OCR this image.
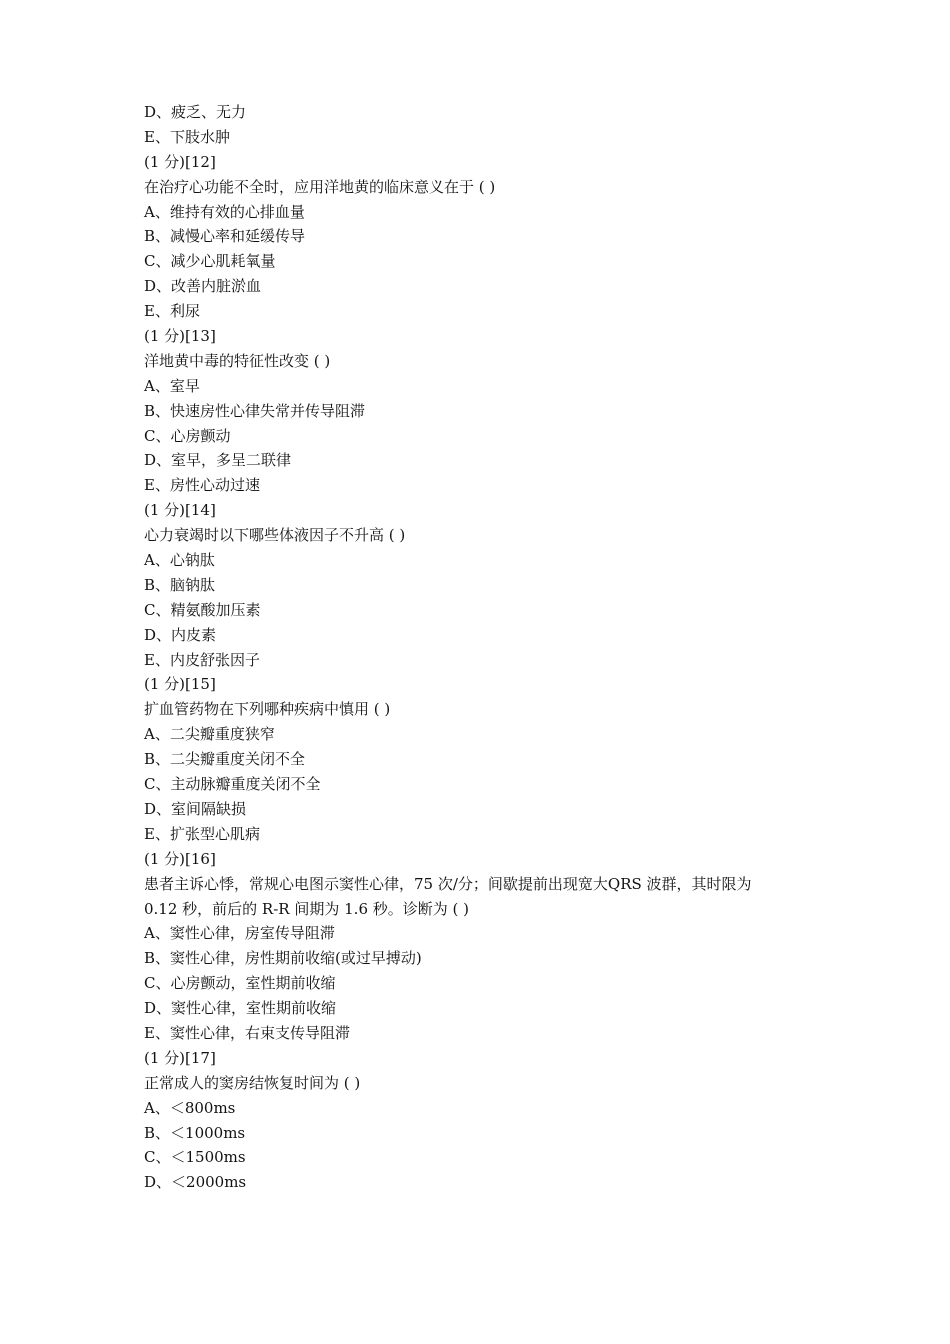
D、疲乏、无力
E、下肢水肿
(1 分)[12]
在治疗心功能不全时，应用洋地黄的临床意义在于 ( )
A、维持有效的心排血量
B、减慢心率和延缓传导
C、减少心肌耗氧量
D、改善内脏淤血
E、利尿
(1 分)[13]
洋地黄中毒的特征性改变 ( )
A、室早
B、快速房性心律失常并传导阻滞
C、心房颤动
D、室早，多呈二联律
E、房性心动过速
(1 分)[14]
心力衰竭时以下哪些体液因子不升高 ( )
A、心钠肽
B、脑钠肽
C、精氨酸加压素
D、内皮素
E、内皮舒张因子
(1 分)[15]
扩血管药物在下列哪种疾病中慎用 ( )
A、二尖瓣重度狭窄
B、二尖瓣重度关闭不全
C、主动脉瓣重度关闭不全
D、室间隔缺损
E、扩张型心肌病
(1 分)[16]
患者主诉心悸，常规心电图示窦性心律，75 次/分；间歇提前出现宽大QRS 波群，其时限为
0.12 秒，前后的 R-R 间期为 1.6 秒。诊断为 ( )
A、窦性心律，房室传导阻滞
B、窦性心律，房性期前收缩(或过早搏动)
C、心房颤动，室性期前收缩
D、窦性心律，室性期前收缩
E、窦性心律，右束支传导阻滞
(1 分)[17]
正常成人的窦房结恢复时间为 ( )
A、＜800ms
B、＜1000ms
C、＜1500ms
D、＜2000ms
